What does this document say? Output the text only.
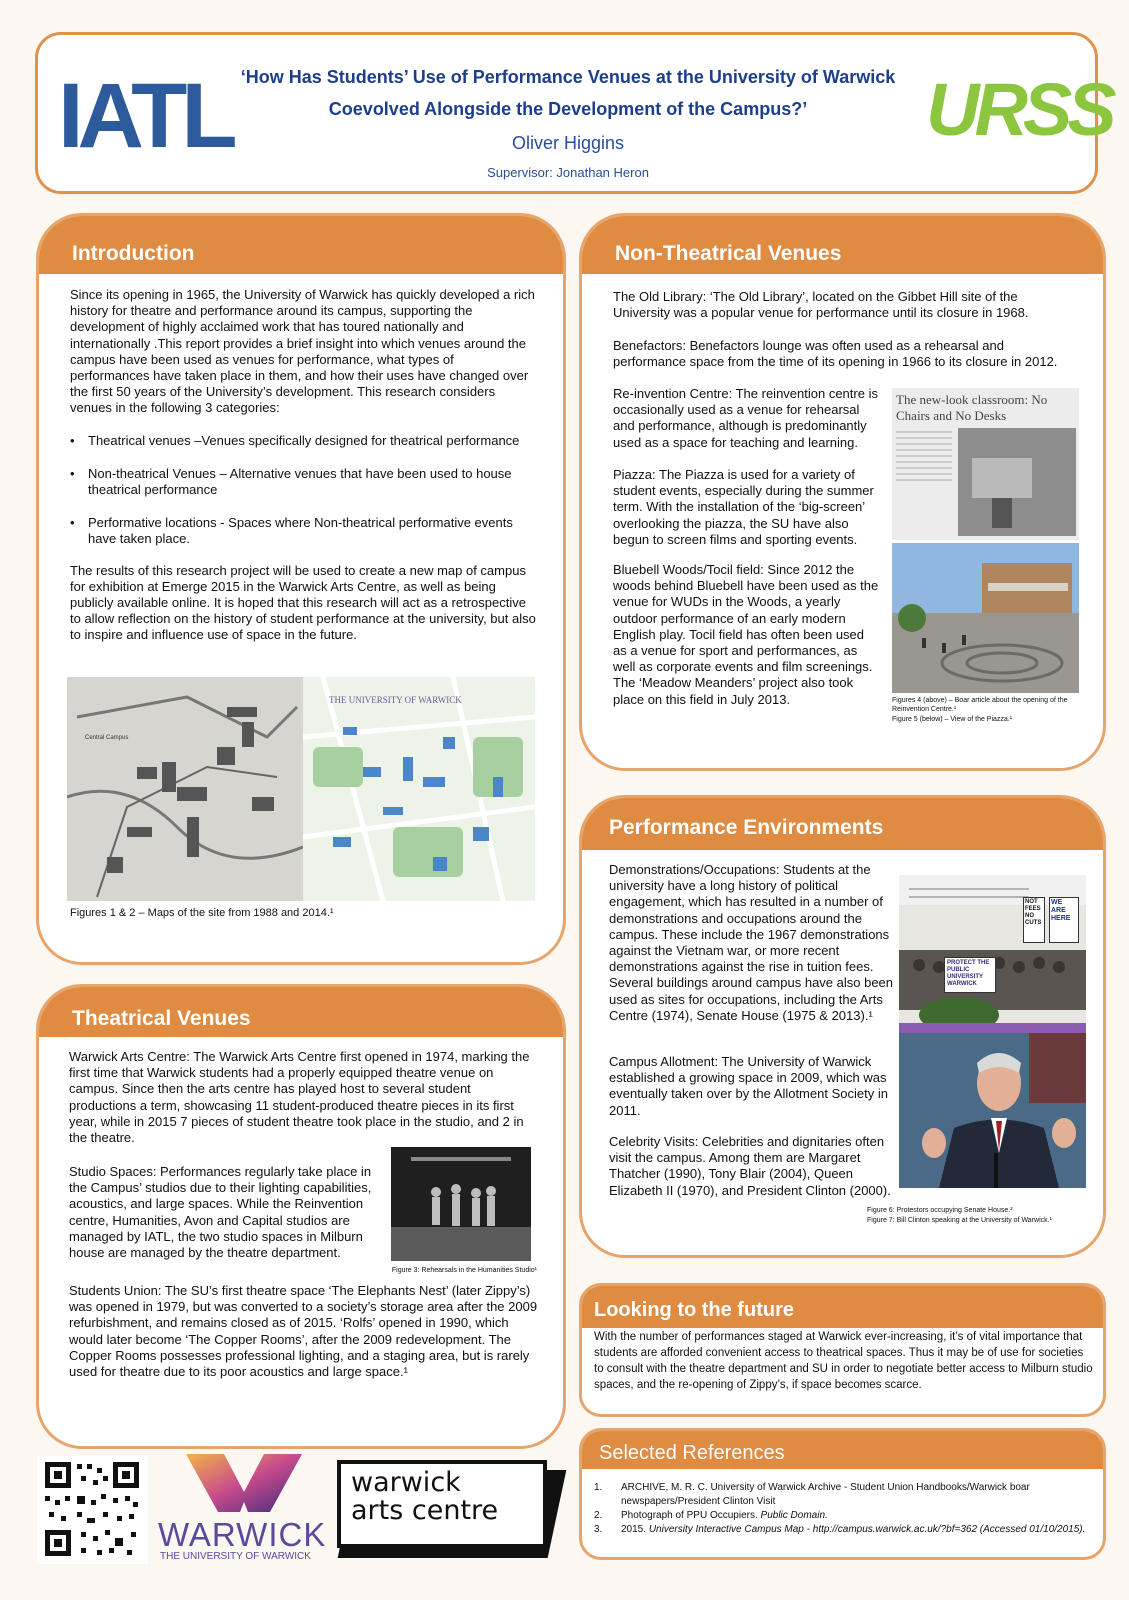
IATL ‘How Has Students’ Use of Performance Venues at the University of Warwick
Coevolved Alongside the Development of the Campus?’
Oliver Higgins
Supervisor: Jonathan Heron
URSS
Introduction

Since its opening in 1965, the University of Warwick has quickly developed a rich history for theatre and performance around its campus, supporting the development of highly acclaimed work that has toured nationally and internationally .This report provides a brief insight into which venues around the campus have been used as venues for performance, what types of performances have taken place in them, and how their uses have changed over the first 50 years of the University’s development. This research considers venues in the following 3 categories:

• Theatrical venues –Venues specifically designed for theatrical performance
• Non-theatrical Venues – Alternative venues that have been used to house theatrical performance
• Performative locations - Spaces where Non-theatrical performative events have taken place.

The results of this research project will be used to create a new map of campus for exhibition at Emerge 2015 in the Warwick Arts Centre, as well as being publicly available online. It is hoped that this research will act as a retrospective to allow reflection on the history of student performance at the university, but also to inspire and influence use of space in the future.

Central Campus
THE UNIVERSITY OF WARWICK
Figures 1 & 2 – Maps of the site from 1988 and 2014.¹
Non-Theatrical Venues
The Old Library: ‘The Old Library’, located on the Gibbet Hill site of the University was a popular venue for performance until its closure in 1968.
Benefactors: Benefactors lounge was often used as a rehearsal and performance space from the time of its opening in 1966 to its closure in 2012.
Re-invention Centre: The reinvention centre is occasionally used as a venue for rehearsal and performance, although is predominantly used as a space for teaching and learning.
Piazza: The Piazza is used for a variety of student events, especially during the summer term. With the installation of the ‘big-screen’ overlooking the piazza, the SU have also begun to screen films and sporting events.
Bluebell Woods/Tocil field: Since 2012 the woods behind Bluebell have been used as the venue for WUDs in the Woods, a yearly outdoor performance of an early modern English play. Tocil field has often been used as a venue for sport and performances, as well as corporate events and film screenings. The ‘Meadow Meanders’ project also took place on this field in July 2013.
The new-look classroom: No Chairs and No Desks
Figures 4 (above) – Boar article about the opening of the Reinvention Centre.¹
Figure 5 (below) – View of the Piazza.¹
Performance Environments
Demonstrations/Occupations: Students at the university have a long history of political engagement, which has resulted in a number of demonstrations and occupations around the campus. These include the 1967 demonstrations against the Vietnam war, or more recent demonstrations against the rise in tuition fees. Several buildings around campus have also been used as sites for occupations, including the Arts Centre (1974), Senate House (1975 & 2013).¹
Campus Allotment: The University of Warwick established a growing space in 2009, which was eventually taken over by the Allotment Society in 2011.
Celebrity Visits: Celebrities and dignitaries often visit the campus. Among them are Margaret Thatcher (1990), Tony Blair (2004), Queen Elizabeth II (1970), and President Clinton (2000).
PROTECT THE PUBLIC UNIVERSITY WARWICK
NOT FEES NO CUTS
WE ARE HERE
Figure 6: Protestors occupying Senate House.²
Figure 7: Bill Clinton speaking at the University of Warwick.¹
Theatrical Venues
Warwick Arts Centre: The Warwick Arts Centre first opened in 1974, marking the first time that Warwick students had a properly equipped theatre venue on campus. Since then the arts centre has played host to several student productions a term, showcasing 11 student-produced theatre pieces in its first year, while in 2015 7 pieces of student theatre took place in the studio, and 2 in the theatre.
Studio Spaces: Performances regularly take place in the Campus’ studios due to their lighting capabilities, acoustics, and large spaces. While the Reinvention centre, Humanities, Avon and Capital studios are managed by IATL, the two studio spaces in Milburn house are managed by the theatre department.
Figure 3: Rehearsals in the Humanities Studio¹
Students Union: The SU’s first theatre space ‘The Elephants Nest’ (later Zippy’s) was opened in 1979, but was converted to a society’s storage area after the 2009 refurbishment, and remains closed as of 2015. ‘Rolfs’ opened in 1990, which would later become ‘The Copper Rooms’, after the 2009 redevelopment. The Copper Rooms possesses professional lighting, and a staging area, but is rarely used for theatre due to its poor acoustics and large space.¹
Looking to the future
With the number of performances staged at Warwick ever-increasing, it’s of vital importance that students are afforded convenient access to theatrical spaces. Thus it may be of use for societies to consult with the theatre department and SU in order to negotiate better access to Milburn studio spaces, and the re-opening of Zippy’s, if space becomes scarce.
Selected References
1.	ARCHIVE, M. R. C. University of Warwick Archive - Student Union Handbooks/Warwick boar newspapers/President Clinton Visit
2.	Photograph of PPU Occupiers. Public Domain.
3.	2015. University Interactive Campus Map - http://campus.warwick.ac.uk/?bf=362 (Accessed 01/10/2015).
WARWICK
THE UNIVERSITY OF WARWICK
warwick
arts centre
